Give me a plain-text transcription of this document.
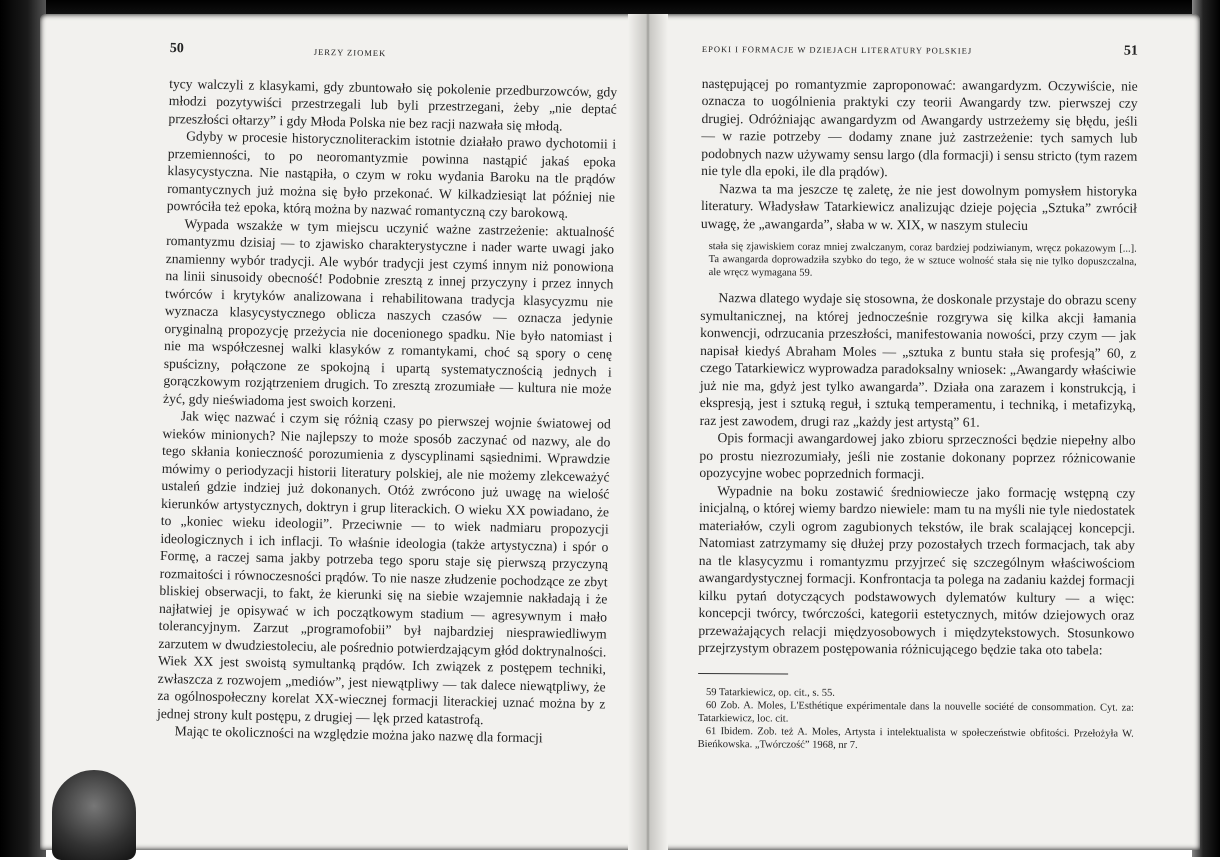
50	JERZY ZIOMEK

tycy walczyli z klasykami, gdy zbuntowało się pokolenie przedburzowców, gdy młodzi pozytywiści przestrzegali lub byli przestrzegani, żeby „nie deptać przeszłości ołtarzy” i gdy Młoda Polska nie bez racji nazwała się młodą.

Gdyby w procesie historycznoliterackim istotnie działało prawo dychotomii i przemienności, to po neoromantyzmie powinna nastąpić jakaś epoka klasycystyczna. Nie nastąpiła, o czym w roku wydania Baroku na tle prądów romantycznych już można się było przekonać. W kilkadziesiąt lat później nie powróciła też epoka, którą można by nazwać romantyczną czy barokową.

Wypada wszakże w tym miejscu uczynić ważne zastrzeżenie: aktualność romantyzmu dzisiaj — to zjawisko charakterystyczne i nader warte uwagi jako znamienny wybór tradycji. Ale wybór tradycji jest czymś innym niż ponowiona na linii sinusoidy obecność! Podobnie zresztą z innej przyczyny i przez innych twórców i krytyków analizowana i rehabilitowana tradycja klasycyzmu nie wyznacza klasycystycznego oblicza naszych czasów — oznacza jedynie oryginalną propozycję przeżycia nie docenionego spadku. Nie było natomiast i nie ma współczesnej walki klasyków z romantykami, choć są spory o cenę spuścizny, połączone ze spokojną i upartą systematycznością jednych i gorączkowym rozjątrzeniem drugich. To zresztą zrozumiałe — kultura nie może żyć, gdy nieświadoma jest swoich korzeni.

Jak więc nazwać i czym się różnią czasy po pierwszej wojnie światowej od wieków minionych? Nie najlepszy to może sposób zaczynać od nazwy, ale do tego skłania konieczność porozumienia z dyscyplinami sąsiednimi. Wprawdzie mówimy o periodyzacji historii literatury polskiej, ale nie możemy zlekceważyć ustaleń gdzie indziej już dokonanych. Otóż zwrócono już uwagę na wielość kierunków artystycznych, doktryn i grup literackich. O wieku XX powiadano, że to „koniec wieku ideologii”. Przeciwnie — to wiek nadmiaru propozycji ideologicznych i ich inflacji. To właśnie ideologia (także artystyczna) i spór o Formę, a raczej sama jakby potrzeba tego sporu staje się pierwszą przyczyną rozmaitości i równoczesności prądów. To nie nasze złudzenie pochodzące ze zbyt bliskiej obserwacji, to fakt, że kierunki się na siebie wzajemnie nakładają i że najłatwiej je opisywać w ich początkowym stadium — agresywnym i mało tolerancyjnym. Zarzut „programofobii” był najbardziej niesprawiedliwym zarzutem w dwudziestoleciu, ale pośrednio potwierdzającym głód doktrynalności. Wiek XX jest swoistą symultanką prądów. Ich związek z postępem techniki, zwłaszcza z rozwojem „mediów”, jest niewątpliwy — tak dalece niewątpliwy, że za ogólnospołeczny korelat XX-wiecznej formacji literackiej uznać można by z jednej strony kult postępu, z drugiej — lęk przed katastrofą.

Mając te okoliczności na względzie można jako nazwę dla formacji

EPOKI I FORMACJE W DZIEJACH LITERATURY POLSKIEJ	51

następującej po romantyzmie zaproponować: awangardyzm. Oczywiście, nie oznacza to uogólnienia praktyki czy teorii Awangardy tzw. pierwszej czy drugiej. Odróżniając awangardyzm od Awangardy ustrzeżemy się błędu, jeśli — w razie potrzeby — dodamy znane już zastrzeżenie: tych samych lub podobnych nazw używamy sensu largo (dla formacji) i sensu stricto (tym razem nie tyle dla epoki, ile dla prądów).

Nazwa ta ma jeszcze tę zaletę, że nie jest dowolnym pomysłem historyka literatury. Władysław Tatarkiewicz analizując dzieje pojęcia „Sztuka” zwrócił uwagę, że „awangarda”, słaba w w. XIX, w naszym stuleciu

stała się zjawiskiem coraz mniej zwalczanym, coraz bardziej podziwianym, wręcz pokazowym [...]. Ta awangarda doprowadziła szybko do tego, że w sztuce wolność stała się nie tylko dopuszczalna, ale wręcz wymagana 59.

Nazwa dlatego wydaje się stosowna, że doskonale przystaje do obrazu sceny symultanicznej, na której jednocześnie rozgrywa się kilka akcji łamania konwencji, odrzucania przeszłości, manifestowania nowości, przy czym — jak napisał kiedyś Abraham Moles — „sztuka z buntu stała się profesją” 60, z czego Tatarkiewicz wyprowadza paradoksalny wniosek: „Awangardy właściwie już nie ma, gdyż jest tylko awangarda”. Działa ona zarazem i konstrukcją, i ekspresją, jest i sztuką reguł, i sztuką temperamentu, i techniką, i metafizyką, raz jest zawodem, drugi raz „każdy jest artystą” 61.

Opis formacji awangardowej jako zbioru sprzeczności będzie niepełny albo po prostu niezrozumiały, jeśli nie zostanie dokonany poprzez różnicowanie opozycyjne wobec poprzednich formacji.

Wypadnie na boku zostawić średniowiecze jako formację wstępną czy inicjalną, o której wiemy bardzo niewiele: mam tu na myśli nie tyle niedostatek materiałów, czyli ogrom zagubionych tekstów, ile brak scalającej koncepcji. Natomiast zatrzymamy się dłużej przy pozostałych trzech formacjach, tak aby na tle klasycyzmu i romantyzmu przyjrzeć się szczególnym właściwościom awangardystycznej formacji. Konfrontacja ta polega na zadaniu każdej formacji kilku pytań dotyczących podstawowych dylematów kultury — a więc: koncepcji twórcy, twórczości, kategorii estetycznych, mitów dziejowych oraz przeważających relacji międzyosobowych i międzytekstowych. Stosunkowo przejrzystym obrazem postępowania różnicującego będzie taka oto tabela:

59 Tatarkiewicz, op. cit., s. 55.
60 Zob. A. Moles, L'Esthétique expérimentale dans la nouvelle société de consommation. Cyt. za: Tatarkiewicz, loc. cit.
61 Ibidem. Zob. też A. Moles, Artysta i intelektualista w społeczeństwie obfitości. Przełożyła W. Bieńkowska. „Twórczość” 1968, nr 7.
